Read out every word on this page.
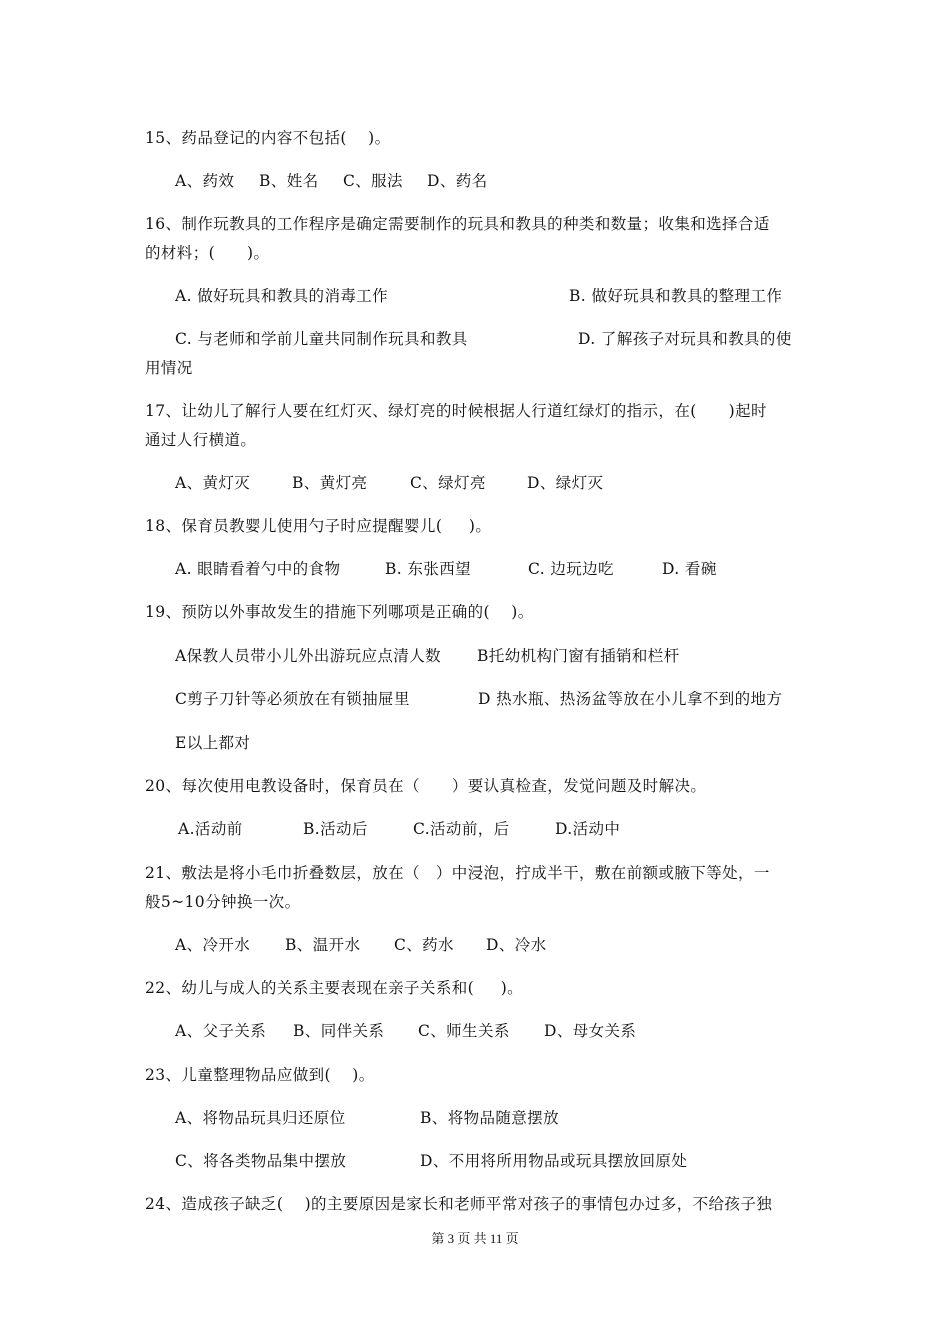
15、药品登记的内容不包括(    )。
A、药效 B、姓名 C、服法 D、药名
16、制作玩教具的工作程序是确定需要制作的玩具和教具的种类和数量；收集和选择合适
的材料；(      )。
A. 做好玩具和教具的消毒工作	B. 做好玩具和教具的整理工作
C. 与老师和学前儿童共同制作玩具和教具	D. 了解孩子对玩具和教具的使
用情况
17、让幼儿了解行人要在红灯灭、绿灯亮的时候根据人行道红绿灯的指示，在(      )起时
通过人行横道。
A、黄灯灭	B、黄灯亮	C、绿灯亮	D、绿灯灭
18、保育员教婴儿使用勺子时应提醒婴儿(     )。
A. 眼睛看着勺中的食物	B. 东张西望	C. 边玩边吃	D. 看碗
19、预防以外事故发生的措施下列哪项是正确的(    )。
A保教人员带小儿外出游玩应点清人数 B托幼机构门窗有插销和栏杆
C剪子刀针等必须放在有锁抽屉里	D 热水瓶、热汤盆等放在小儿拿不到的地方
E以上都对
20、每次使用电教设备时，保育员在（      ）要认真检查，发觉问题及时解决。
A.活动前	B.活动后	C.活动前，后	D.活动中
21、敷法是将小毛巾折叠数层，放在（   ）中浸泡，拧成半干，敷在前额或腋下等处，一
般5~10分钟换一次。
A、冷开水 B、温开水 C、药水 D、冷水
22、幼儿与成人的关系主要表现在亲子关系和(     )。
A、父子关系 B、同伴关系 C、师生关系 D、母女关系
23、儿童整理物品应做到(    )。
A、将物品玩具归还原位	B、将物品随意摆放
C、将各类物品集中摆放	D、不用将所用物品或玩具摆放回原处
24、造成孩子缺乏(    )的主要原因是家长和老师平常对孩子的事情包办过多，不给孩子独
第 3 页 共 11 页
